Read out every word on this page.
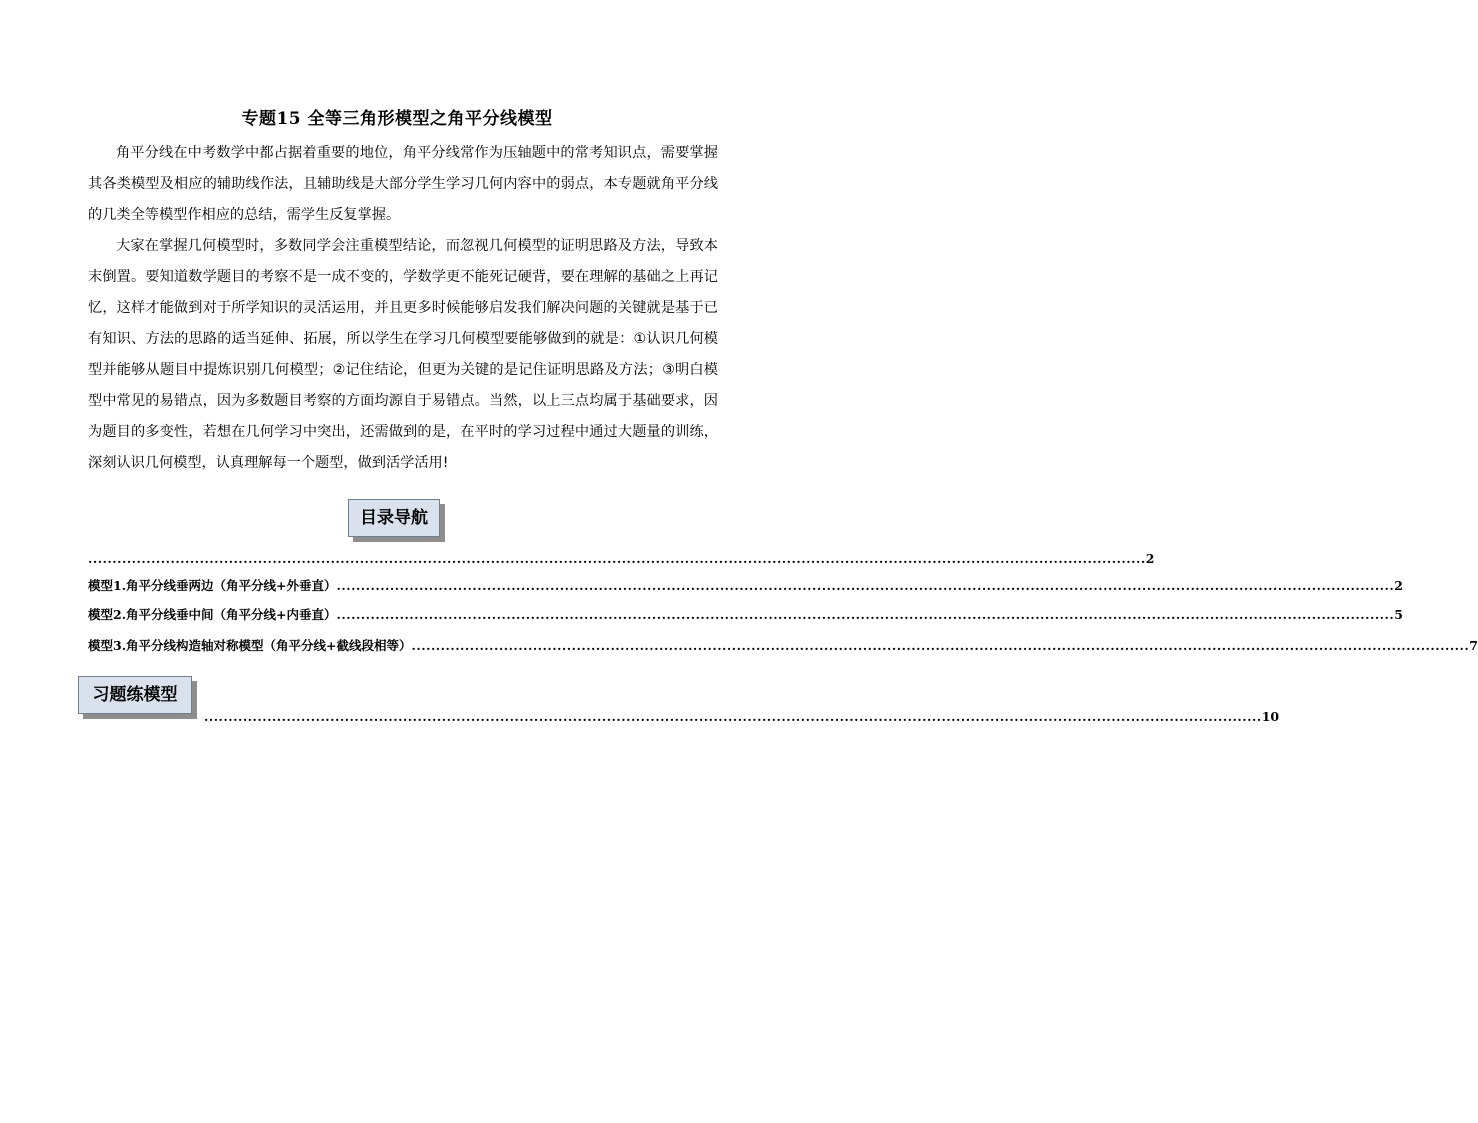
专题15 全等三角形模型之角平分线模型
角平分线在中考数学中都占据着重要的地位，角平分线常作为压轴题中的常考知识点，需要掌握其各类模型及相应的辅助线作法，且辅助线是大部分学生学习几何内容中的弱点，本专题就角平分线的几类全等模型作相应的总结，需学生反复掌握。
大家在掌握几何模型时，多数同学会注重模型结论，而忽视几何模型的证明思路及方法，导致本末倒置。要知道数学题目的考察不是一成不变的，学数学更不能死记硬背，要在理解的基础之上再记忆，这样才能做到对于所学知识的灵活运用，并且更多时候能够启发我们解决问题的关键就是基于已有知识、方法的思路的适当延伸、拓展，所以学生在学习几何模型要能够做到的就是：①认识几何模型并能够从题目中提炼识别几何模型；②记住结论，但更为关键的是记住证明思路及方法；③明白模型中常见的易错点，因为多数题目考察的方面均源自于易错点。当然，以上三点均属于基础要求，因为题目的多变性，若想在几何学习中突出，还需做到的是，在平时的学习过程中通过大题量的训练，深刻认识几何模型，认真理解每一个题型，做到活学活用!
目录导航
.......................................................................................................................................................................................................................... 2
模型1.角平分线垂两边（角平分线+外垂直） .......................................................................................................................................................................................................................... 2
模型2.角平分线垂中间（角平分线+内垂直） .......................................................................................................................................................................................................................... 5
模型3.角平分线构造轴对称模型（角平分线+截线段相等） .......................................................................................................................................................................................................................... 7
习题练模型
.......................................................................................................................................................................................................................... 10
